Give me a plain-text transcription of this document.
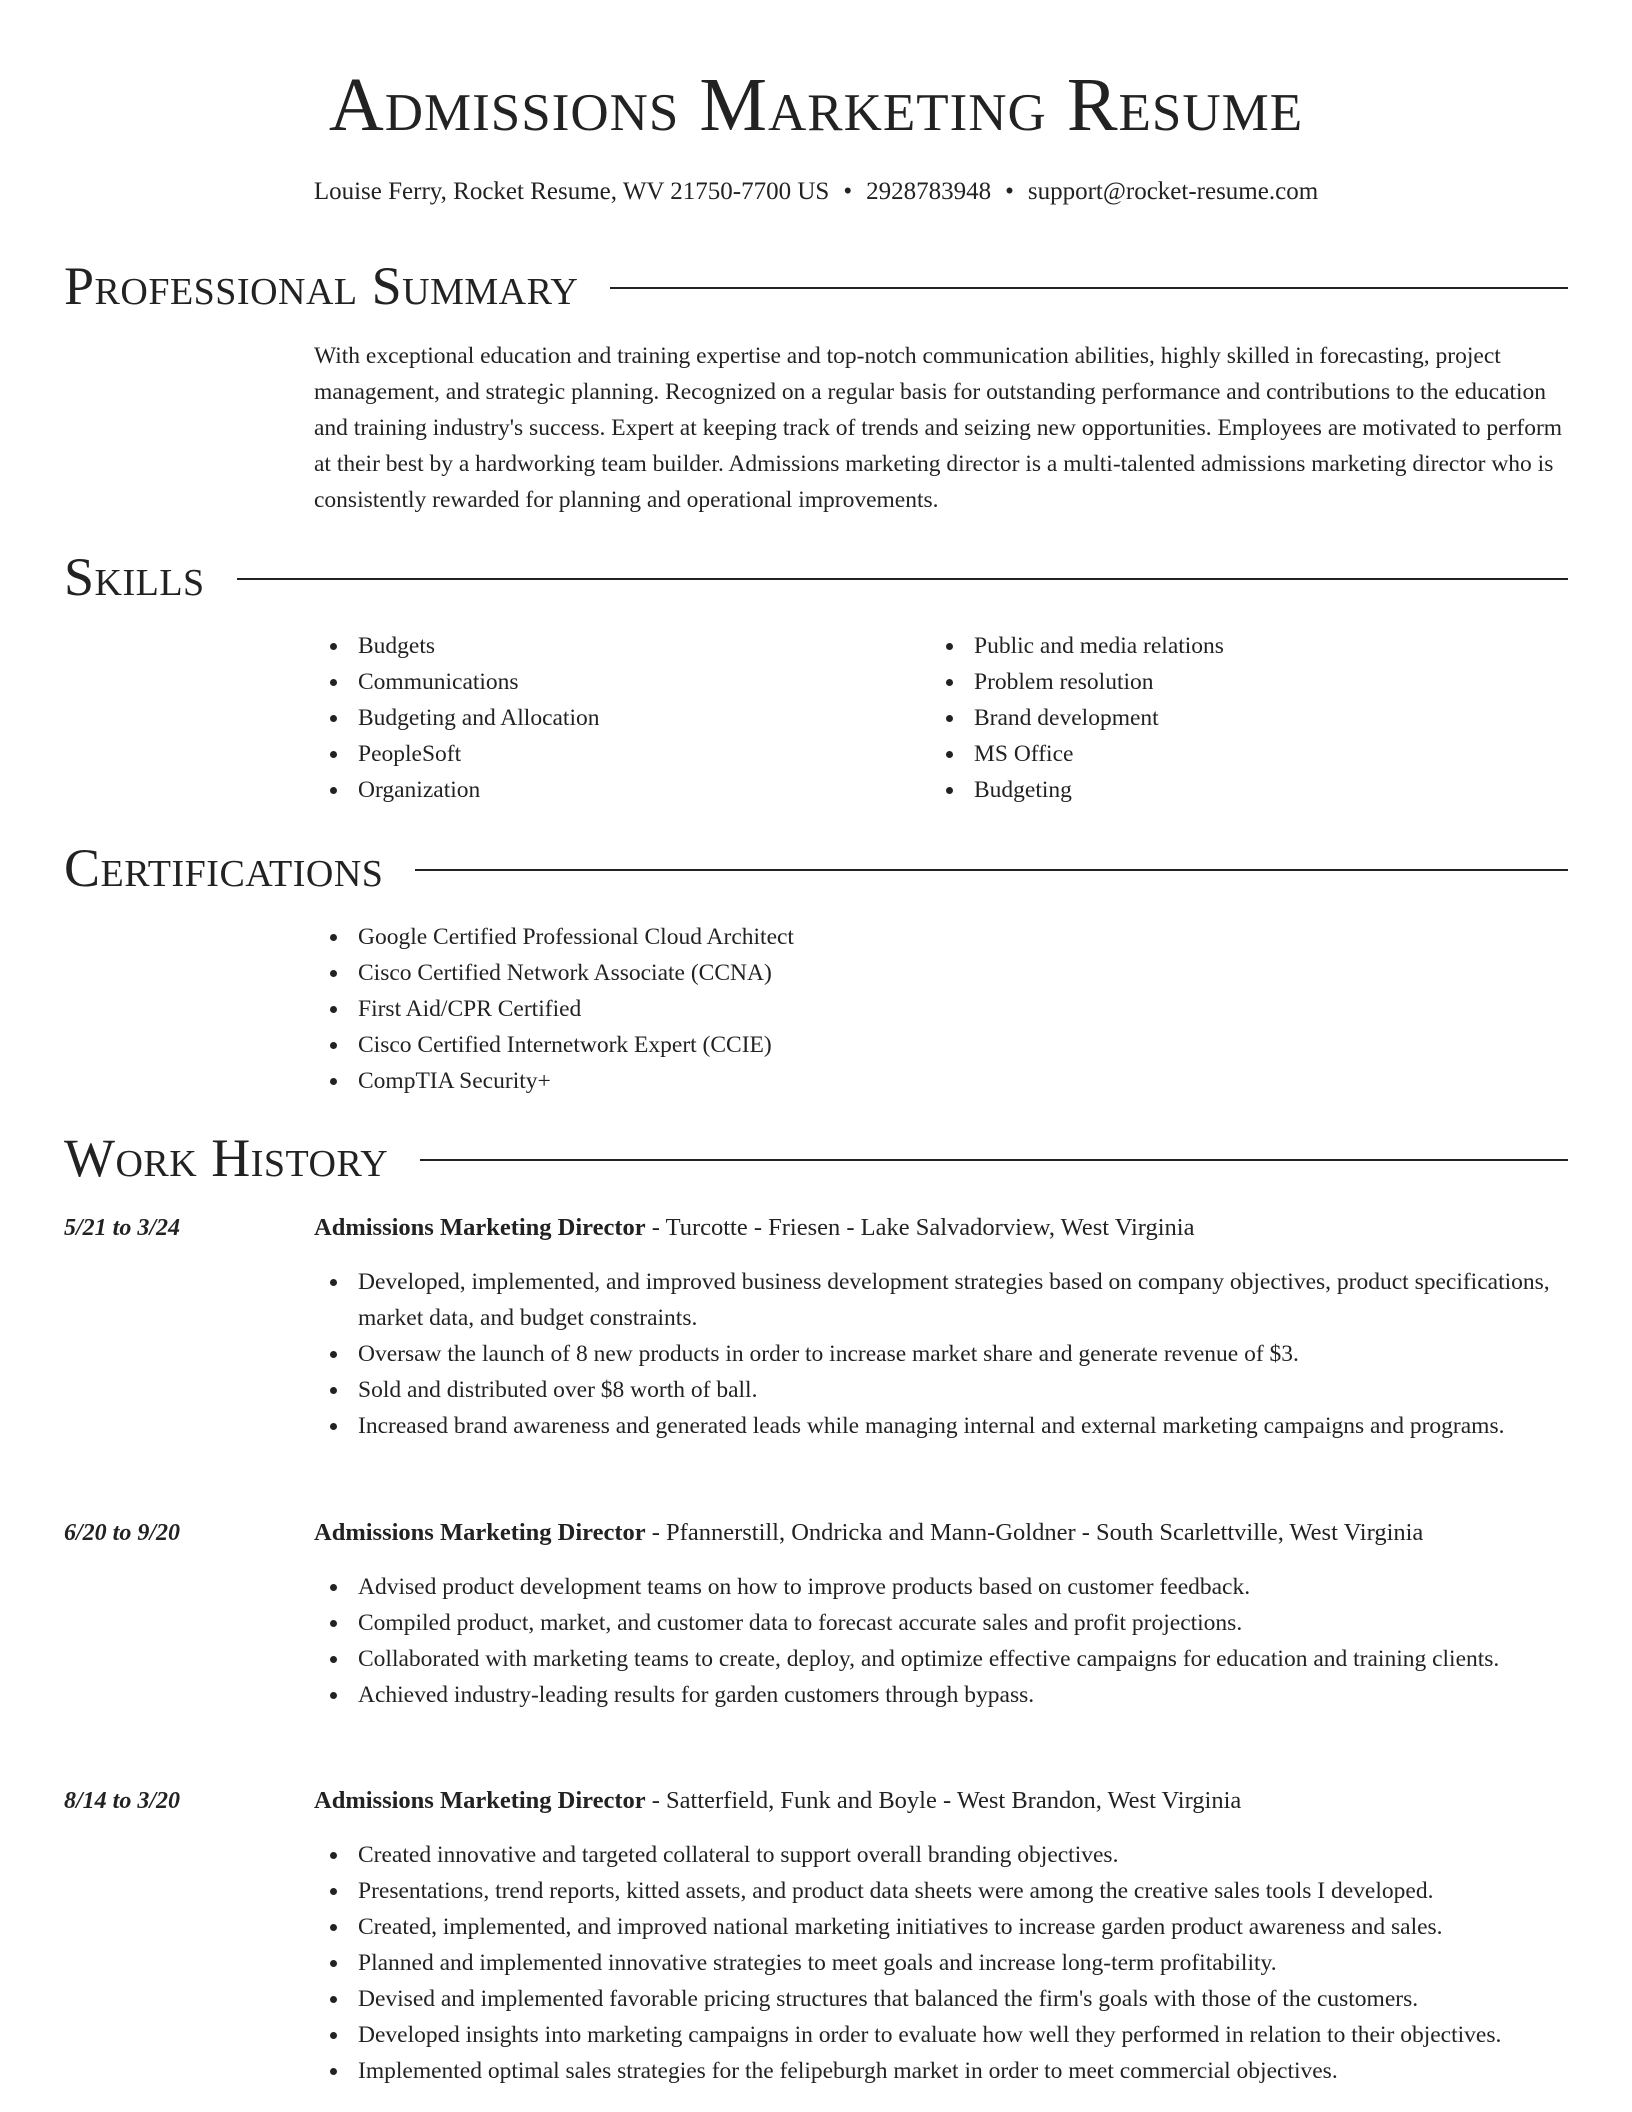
Admissions Marketing Resume
Louise Ferry, Rocket Resume, WV 21750-7700 US • 2928783948 • support@rocket-resume.com
Professional Summary
With exceptional education and training expertise and top-notch communication abilities, highly skilled in forecasting, project management, and strategic planning. Recognized on a regular basis for outstanding performance and contributions to the education and training industry's success. Expert at keeping track of trends and seizing new opportunities. Employees are motivated to perform at their best by a hardworking team builder. Admissions marketing director is a multi-talented admissions marketing director who is consistently rewarded for planning and operational improvements.
Skills
Budgets
Communications
Budgeting and Allocation
PeopleSoft
Organization
Public and media relations
Problem resolution
Brand development
MS Office
Budgeting
Certifications
Google Certified Professional Cloud Architect
Cisco Certified Network Associate (CCNA)
First Aid/CPR Certified
Cisco Certified Internetwork Expert (CCIE)
CompTIA Security+
Work History
5/21 to 3/24	Admissions Marketing Director - Turcotte - Friesen - Lake Salvadorview, West Virginia
Developed, implemented, and improved business development strategies based on company objectives, product specifications, market data, and budget constraints.
Oversaw the launch of 8 new products in order to increase market share and generate revenue of $3.
Sold and distributed over $8 worth of ball.
Increased brand awareness and generated leads while managing internal and external marketing campaigns and programs.
6/20 to 9/20	Admissions Marketing Director - Pfannerstill, Ondricka and Mann-Goldner - South Scarlettville, West Virginia
Advised product development teams on how to improve products based on customer feedback.
Compiled product, market, and customer data to forecast accurate sales and profit projections.
Collaborated with marketing teams to create, deploy, and optimize effective campaigns for education and training clients.
Achieved industry-leading results for garden customers through bypass.
8/14 to 3/20	Admissions Marketing Director - Satterfield, Funk and Boyle - West Brandon, West Virginia
Created innovative and targeted collateral to support overall branding objectives.
Presentations, trend reports, kitted assets, and product data sheets were among the creative sales tools I developed.
Created, implemented, and improved national marketing initiatives to increase garden product awareness and sales.
Planned and implemented innovative strategies to meet goals and increase long-term profitability.
Devised and implemented favorable pricing structures that balanced the firm's goals with those of the customers.
Developed insights into marketing campaigns in order to evaluate how well they performed in relation to their objectives.
Implemented optimal sales strategies for the felipeburgh market in order to meet commercial objectives.
